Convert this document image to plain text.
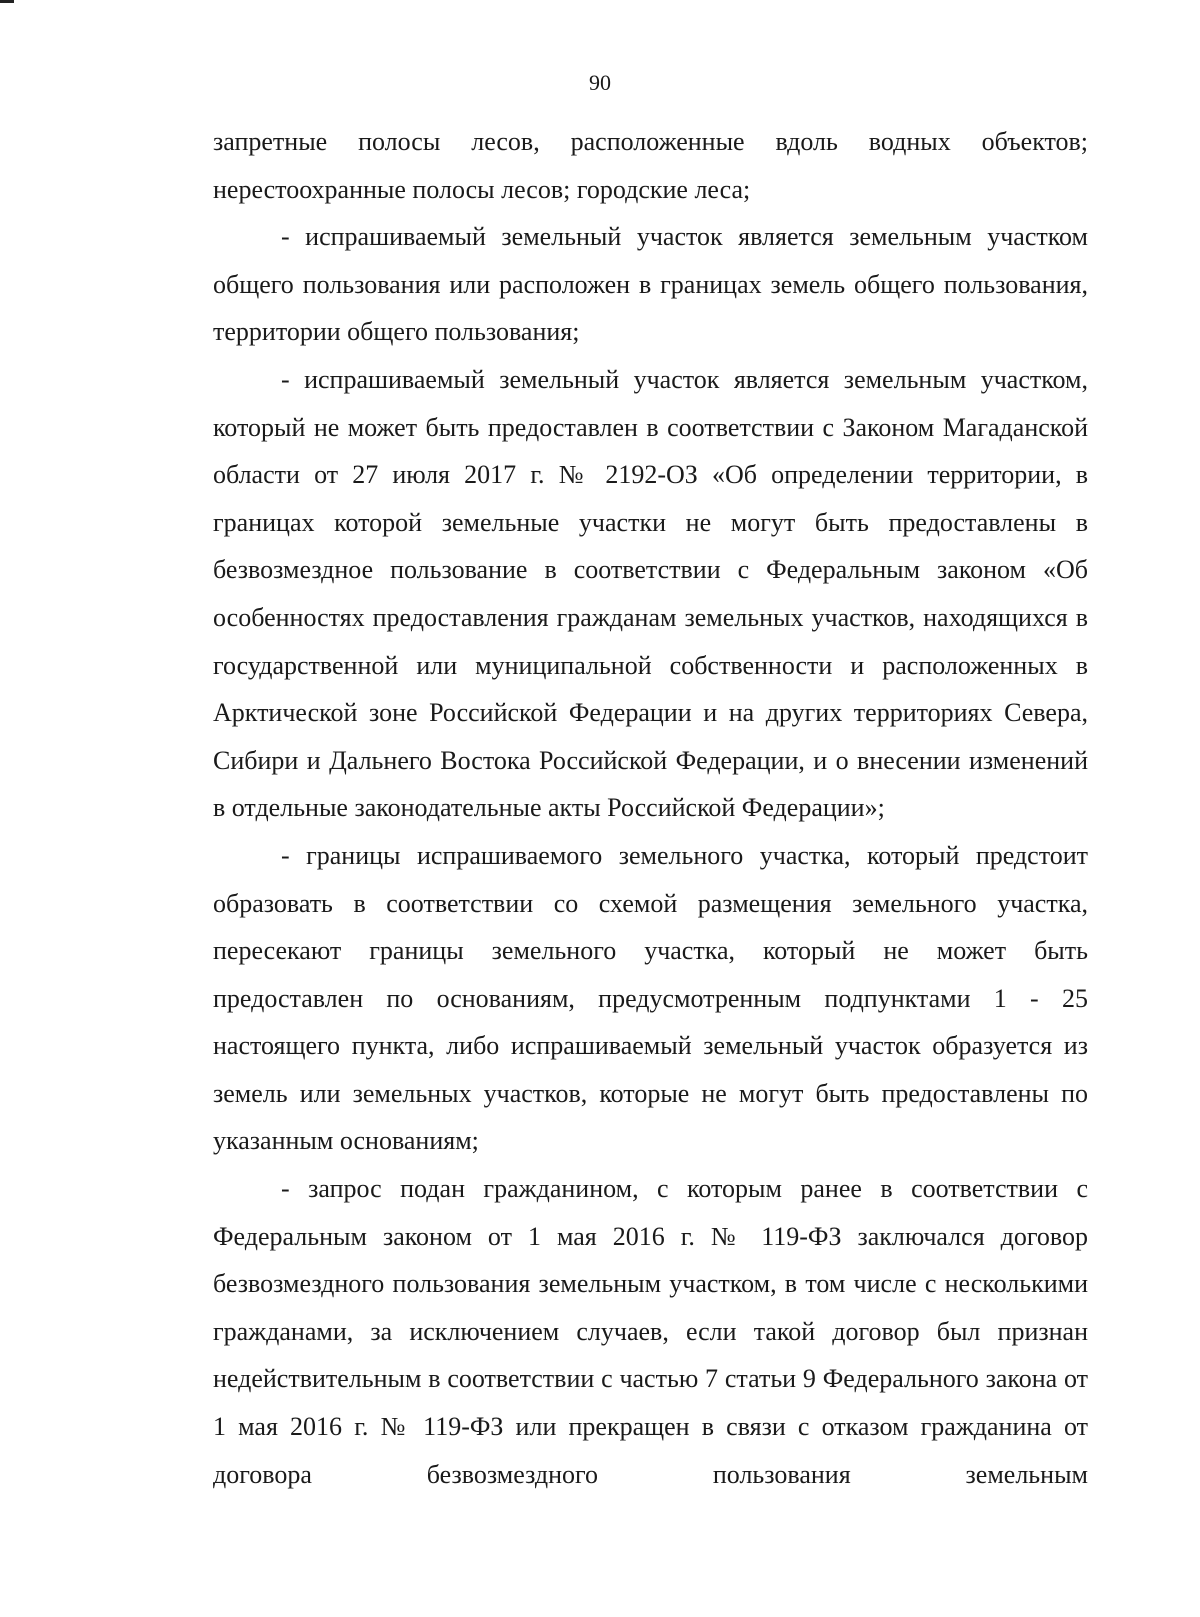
90

запретные полосы лесов, расположенные вдоль водных объектов; нерестоохранные полосы лесов; городские леса;

- испрашиваемый земельный участок является земельным участком общего пользования или расположен в границах земель общего пользования, территории общего пользования;

- испрашиваемый земельный участок является земельным участком, который не может быть предоставлен в соответствии с Законом Магаданской области от 27 июля 2017 г. № 2192-ОЗ «Об определении территории, в границах которой земельные участки не могут быть предоставлены в безвозмездное пользование в соответствии с Федеральным законом «Об особенностях предоставления гражданам земельных участков, находящихся в государственной или муниципальной собственности и расположенных в Арктической зоне Российской Федерации и на других территориях Севера, Сибири и Дальнего Востока Российской Федерации, и о внесении изменений в отдельные законодательные акты Российской Федерации»;

- границы испрашиваемого земельного участка, который предстоит образовать в соответствии со схемой размещения земельного участка, пересекают границы земельного участка, который не может быть предоставлен по основаниям, предусмотренным подпунктами 1 - 25 настоящего пункта, либо испрашиваемый земельный участок образуется из земель или земельных участков, которые не могут быть предоставлены по указанным основаниям;

- запрос подан гражданином, с которым ранее в соответствии с Федеральным законом от 1 мая 2016 г. № 119-ФЗ заключался договор безвозмездного пользования земельным участком, в том числе с несколькими гражданами, за исключением случаев, если такой договор был признан недействительным в соответствии с частью 7 статьи 9 Федерального закона от 1 мая 2016 г. № 119-ФЗ или прекращен в связи с отказом гражданина от договора безвозмездного пользования земельным
